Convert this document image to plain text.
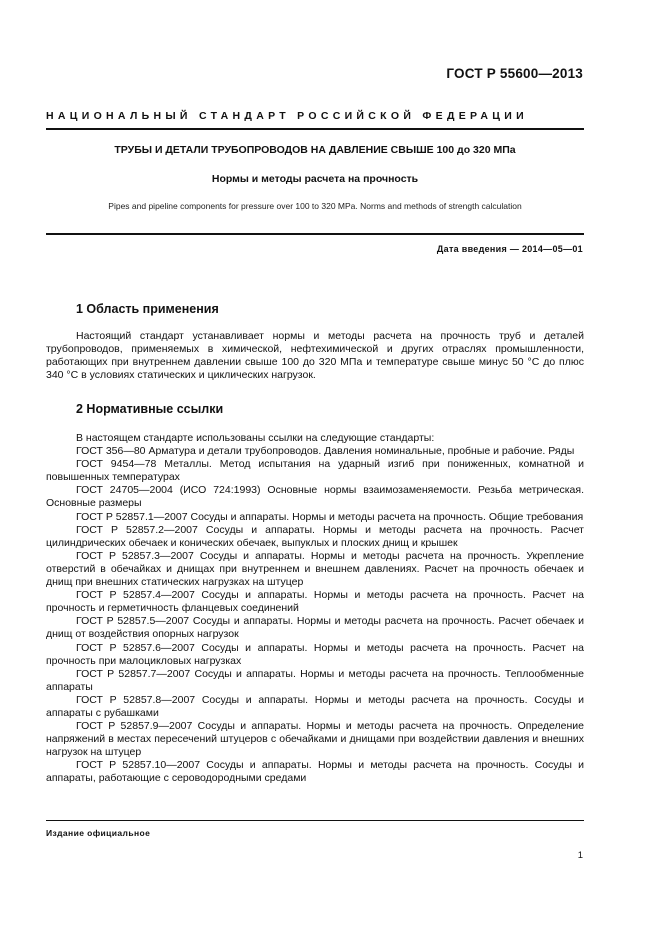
ГОСТ Р 55600—2013
НАЦИОНАЛЬНЫЙ СТАНДАРТ РОССИЙСКОЙ ФЕДЕРАЦИИ
ТРУБЫ И ДЕТАЛИ ТРУБОПРОВОДОВ НА ДАВЛЕНИЕ СВЫШЕ 100 до 320 МПа
Нормы и методы расчета на прочность
Pipes and pipeline components for pressure over 100 to 320 MPa. Norms and methods of strength calculation
Дата введения — 2014—05—01
1 Область применения

Настоящий стандарт устанавливает нормы и методы расчета на прочность труб и деталей трубопроводов, применяемых в химической, нефтехимической и других отраслях промышленности, работающих при внутреннем давлении свыше 100 до 320 МПа и температуре свыше минус 50 °С до плюс 340 °С в условиях статических и циклических нагрузок.

2 Нормативные ссылки

В настоящем стандарте использованы ссылки на следующие стандарты:

ГОСТ 356—80 Арматура и детали трубопроводов. Давления номинальные, пробные и рабочие. Ряды

ГОСТ 9454—78 Металлы. Метод испытания на ударный изгиб при пониженных, комнатной и повышенных температурах

ГОСТ 24705—2004 (ИСО 724:1993) Основные нормы взаимозаменяемости. Резьба метрическая. Основные размеры

ГОСТ Р 52857.1—2007 Сосуды и аппараты. Нормы и методы расчета на прочность. Общие требования

ГОСТ Р 52857.2—2007 Сосуды и аппараты. Нормы и методы расчета на прочность. Расчет цилиндрических обечаек и конических обечаек, выпуклых и плоских днищ и крышек

ГОСТ Р 52857.3—2007 Сосуды и аппараты. Нормы и методы расчета на прочность. Укрепление отверстий в обечайках и днищах при внутреннем и внешнем давлениях. Расчет на прочность обечаек и днищ при внешних статических нагрузках на штуцер

ГОСТ Р 52857.4—2007 Сосуды и аппараты. Нормы и методы расчета на прочность. Расчет на прочность и герметичность фланцевых соединений

ГОСТ Р 52857.5—2007 Сосуды и аппараты. Нормы и методы расчета на прочность. Расчет обечаек и днищ от воздействия опорных нагрузок

ГОСТ Р 52857.6—2007 Сосуды и аппараты. Нормы и методы расчета на прочность. Расчет на прочность при малоцикловых нагрузках

ГОСТ Р 52857.7—2007 Сосуды и аппараты. Нормы и методы расчета на прочность. Теплообменные аппараты

ГОСТ Р 52857.8—2007 Сосуды и аппараты. Нормы и методы расчета на прочность. Сосуды и аппараты с рубашками

ГОСТ Р 52857.9—2007 Сосуды и аппараты. Нормы и методы расчета на прочность. Определение напряжений в местах пересечений штуцеров с обечайками и днищами при воздействии давления и внешних нагрузок на штуцер

ГОСТ Р 52857.10—2007 Сосуды и аппараты. Нормы и методы расчета на прочность. Сосуды и аппараты, работающие с сероводородными средами

Издание официальное
1
